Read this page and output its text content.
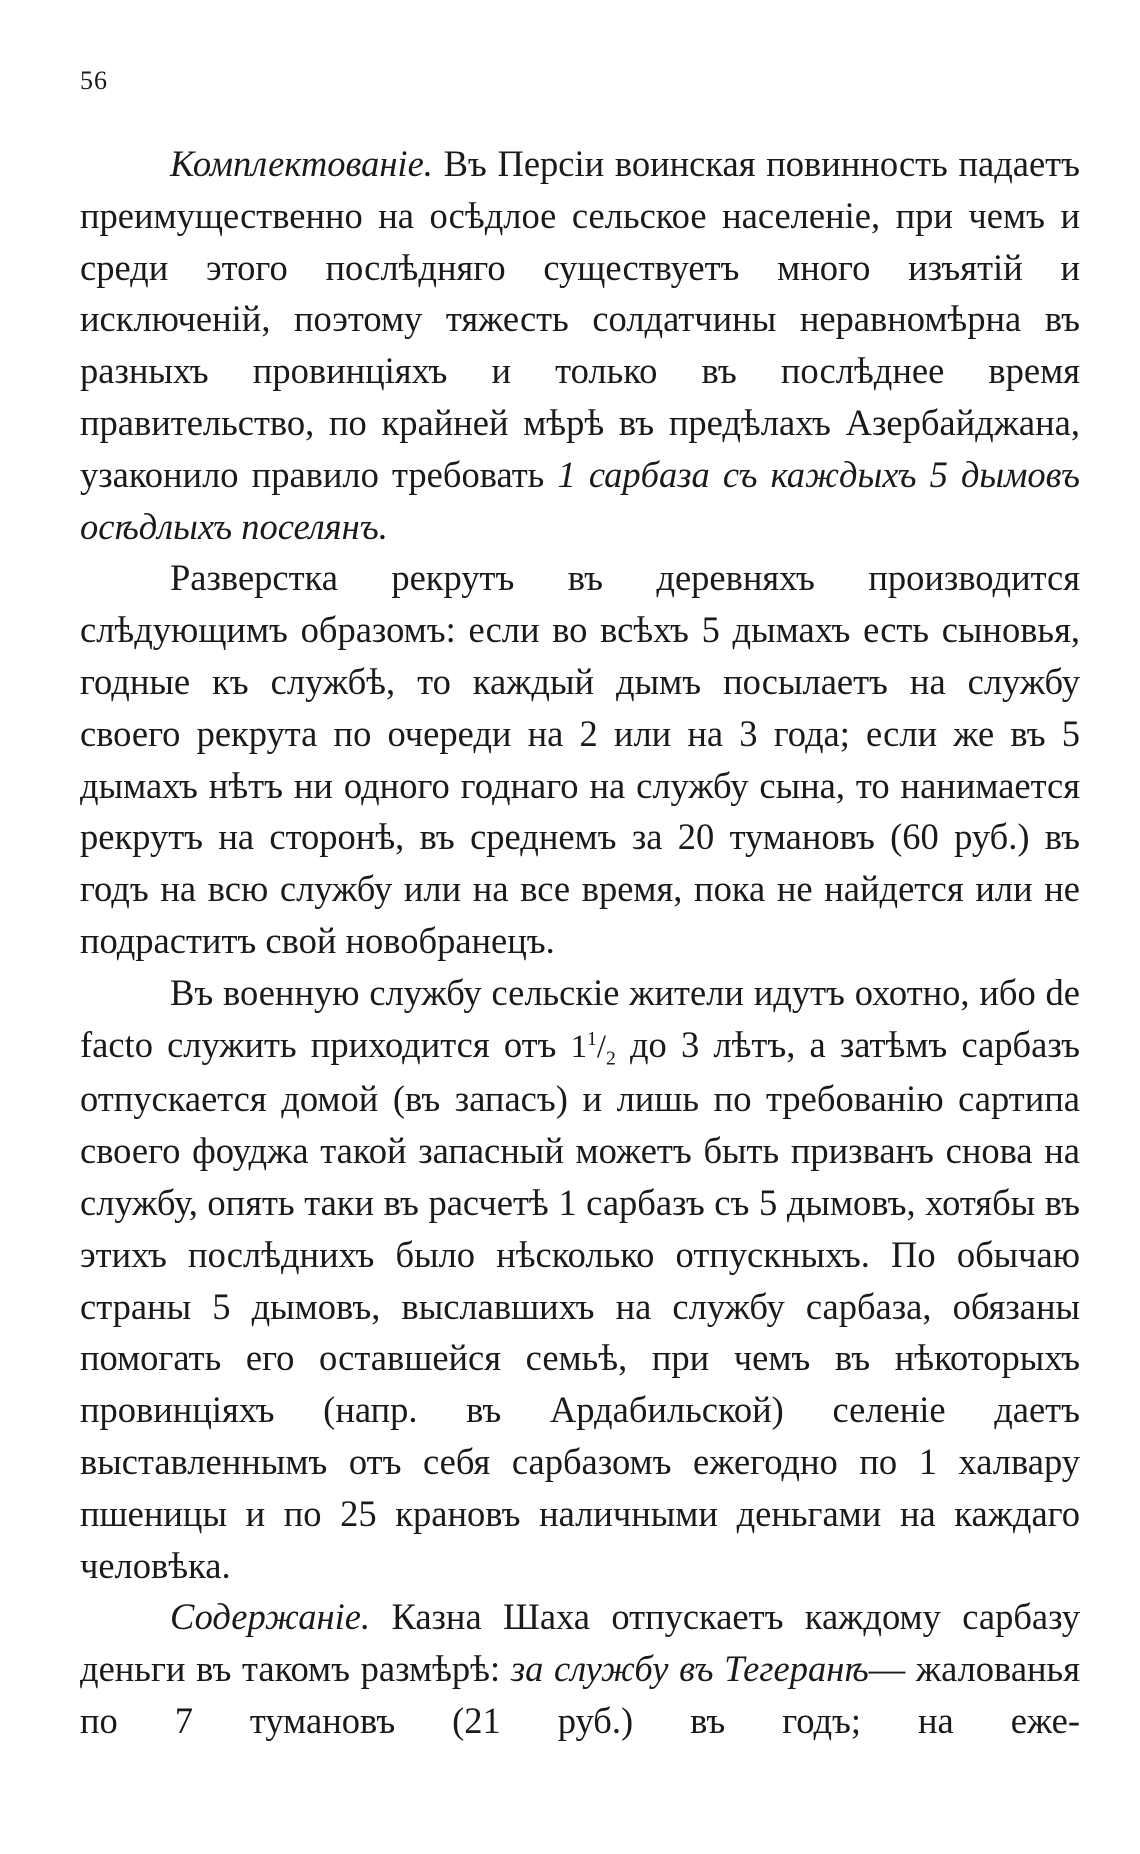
56

Комплектованіе. Въ Персіи воинская повинность падаетъ преимущественно на осѣдлое сельское населеніе, при чемъ и среди этого послѣдняго существуетъ много изъятій и исключеній, поэтому тяжесть солдатчины неравномѣрна въ разныхъ провинціяхъ и только въ послѣднее время правительство, по крайней мѣрѣ въ предѣлахъ Азербайджана, узаконило правило требовать 1 сарбаза съ каждыхъ 5 дымовъ осѣдлыхъ поселянъ.

Разверстка рекрутъ въ деревняхъ производится слѣдующимъ образомъ: если во всѣхъ 5 дымахъ есть сыновья, годные къ службѣ, то каждый дымъ посылаетъ на службу своего рекрута по очереди на 2 или на 3 года; если же въ 5 дымахъ нѣтъ ни одного годнаго на службу сына, то нанимается рекрутъ на сторонѣ, въ среднемъ за 20 тумановъ (60 руб.) въ годъ на всю службу или на все время, пока не найдется или не подраститъ свой новобранецъ.

Въ военную службу сельскіе жители идутъ охотно, ибо de facto служить приходится отъ $1^1/_2$ до 3 лѣтъ, а затѣмъ сарбазъ отпускается домой (въ запасъ) и лишь по требованію сартипа своего фоуджа такой запасный можетъ быть призванъ снова на службу, опять таки въ расчетѣ 1 сарбазъ съ 5 дымовъ, хотябы въ этихъ послѣднихъ было нѣсколько отпускныхъ. По обычаю страны 5 дымовъ, выславшихъ на службу сарбаза, обязаны помогать его оставшейся семьѣ, при чемъ въ нѣкоторыхъ провинціяхъ (напр. въ Ардабильской) селеніе даетъ выставленнымъ отъ себя сарбазомъ ежегодно по 1 халвару пшеницы и по 25 крановъ наличными деньгами на каждаго человѣка.

Содержаніе. Казна Шаха отпускаетъ каждому сарбазу деньги въ такомъ размѣрѣ: за службу въ Тегеранѣ— жалованья по 7 тумановъ (21 руб.) въ годъ; на еже-
